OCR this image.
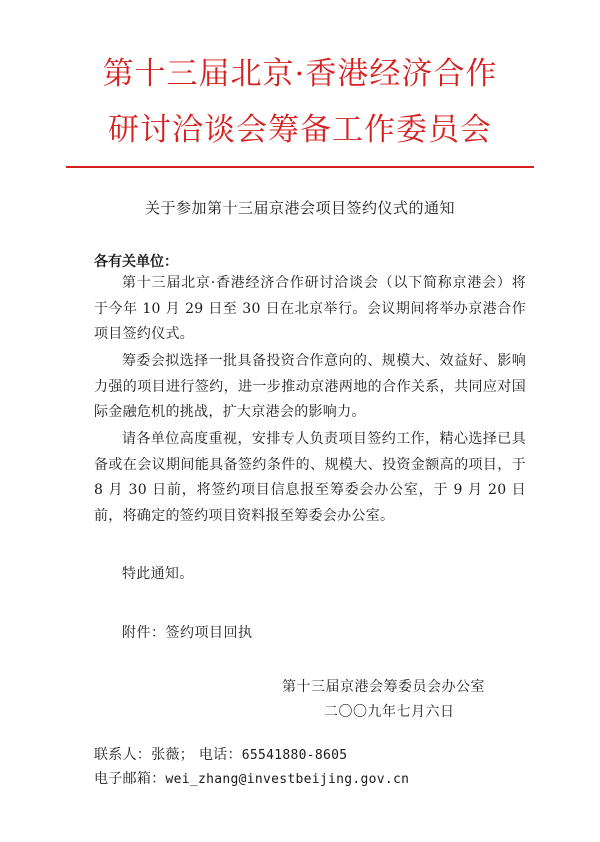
第十三届北京·香港经济合作
研讨洽谈会筹备工作委员会
关于参加第十三届京港会项目签约仪式的通知
各有关单位：
第十三届北京·香港经济合作研讨洽谈会（以下简称京港会）将于今年 10 月 29 日至 30 日在北京举行。会议期间将举办京港合作项目签约仪式。
筹委会拟选择一批具备投资合作意向的、规模大、效益好、影响力强的项目进行签约，进一步推动京港两地的合作关系，共同应对国际金融危机的挑战，扩大京港会的影响力。
请各单位高度重视，安排专人负责项目签约工作，精心选择已具备或在会议期间能具备签约条件的、规模大、投资金额高的项目，于 8 月 30 日前，将签约项目信息报至筹委会办公室，于 9 月 20 日前，将确定的签约项目资料报至筹委会办公室。
特此通知。
附件：签约项目回执
第十三届京港会筹委员会办公室
二〇〇九年七月六日
联系人：张薇； 电话：65541880-8605
电子邮箱：wei_zhang@investbeijing.gov.cn
